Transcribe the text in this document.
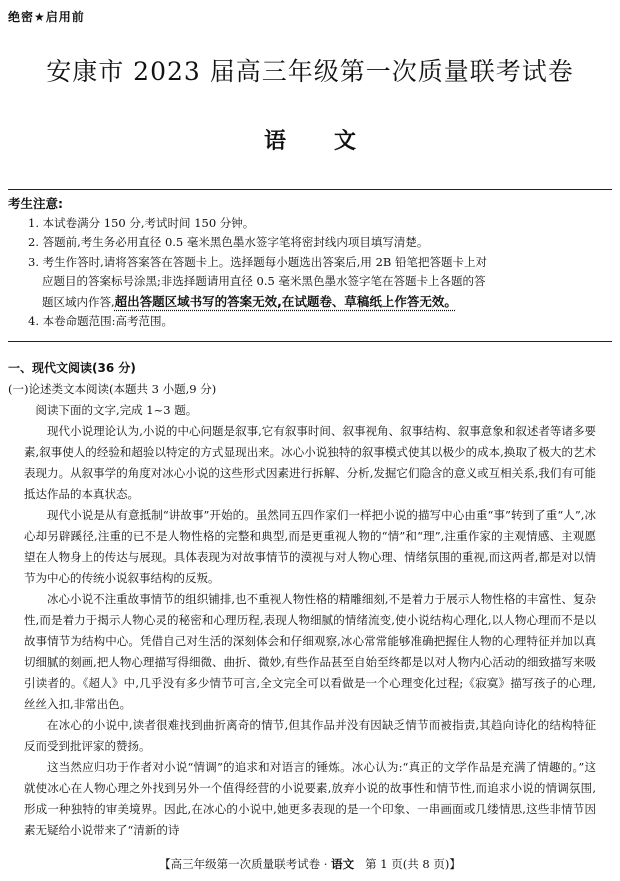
绝密★启用前
安康市 2023 届高三年级第一次质量联考试卷
语文
考生注意:
1. 本试卷满分 150 分,考试时间 150 分钟。
2. 答题前,考生务必用直径 0.5 毫米黑色墨水签字笔将密封线内项目填写清楚。
3. 考生作答时,请将答案答在答题卡上。选择题每小题选出答案后,用 2B 铅笔把答题卡上对
应题目的答案标号涂黑;非选择题请用直径 0.5 毫米黑色墨水签字笔在答题卡上各题的答
题区域内作答,超出答题区域书写的答案无效,在试题卷、草稿纸上作答无效。
4. 本卷命题范围:高考范围。
一、现代文阅读(36 分)
(一)论述类文本阅读(本题共 3 小题,9 分)

阅读下面的文字,完成 1~3 题。

现代小说理论认为,小说的中心问题是叙事,它有叙事时间、叙事视角、叙事结构、叙事意象和叙述者等诸多要素,叙事使人的经验和超验以特定的方式显现出来。冰心小说独特的叙事模式使其以极少的成本,换取了极大的艺术表现力。从叙事学的角度对冰心小说的这些形式因素进行拆解、分析,发掘它们隐含的意义或互相关系,我们有可能抵达作品的本真状态。

现代小说是从有意抵制“讲故事”开始的。虽然同五四作家们一样把小说的描写中心由重“事”转到了重“人”,冰心却另辟蹊径,注重的已不是人物性格的完整和典型,而是更重视人物的“情”和“理”,注重作家的主观情感、主观愿望在人物身上的传达与展现。具体表现为对故事情节的漠视与对人物心理、情绪氛围的重视,而这两者,都是对以情节为中心的传统小说叙事结构的反叛。

冰心小说不注重故事情节的组织铺排,也不重视人物性格的精雕细刻,不是着力于展示人物性格的丰富性、复杂性,而是着力于揭示人物心灵的秘密和心理历程,表现人物细腻的情绪流变,使小说结构心理化,以人物心理而不是以故事情节为结构中心。凭借自己对生活的深刻体会和仔细观察,冰心常常能够准确把握住人物的心理特征并加以真切细腻的刻画,把人物心理描写得细微、曲折、微妙,有些作品甚至自始至终都是以对人物内心活动的细致描写来吸引读者的。《超人》中,几乎没有多少情节可言,全文完全可以看做是一个心理变化过程;《寂寞》描写孩子的心理,丝丝入扣,非常出色。

在冰心的小说中,读者很难找到曲折离奇的情节,但其作品并没有因缺乏情节而被指责,其趋向诗化的结构特征反而受到批评家的赞扬。

这当然应归功于作者对小说“情调”的追求和对语言的锤炼。冰心认为:“真正的文学作品是充满了情趣的。”这就使冰心在人物心理之外找到另外一个值得经营的小说要素,放弃小说的故事性和情节性,而追求小说的情调氛围,形成一种独特的审美境界。因此,在冰心的小说中,她更多表现的是一个印象、一串画面或几缕情思,这些非情节因素无疑给小说带来了“清新的诗

【高三年级第一次质量联考试卷 · 语文 第 1 页(共 8 页)】
